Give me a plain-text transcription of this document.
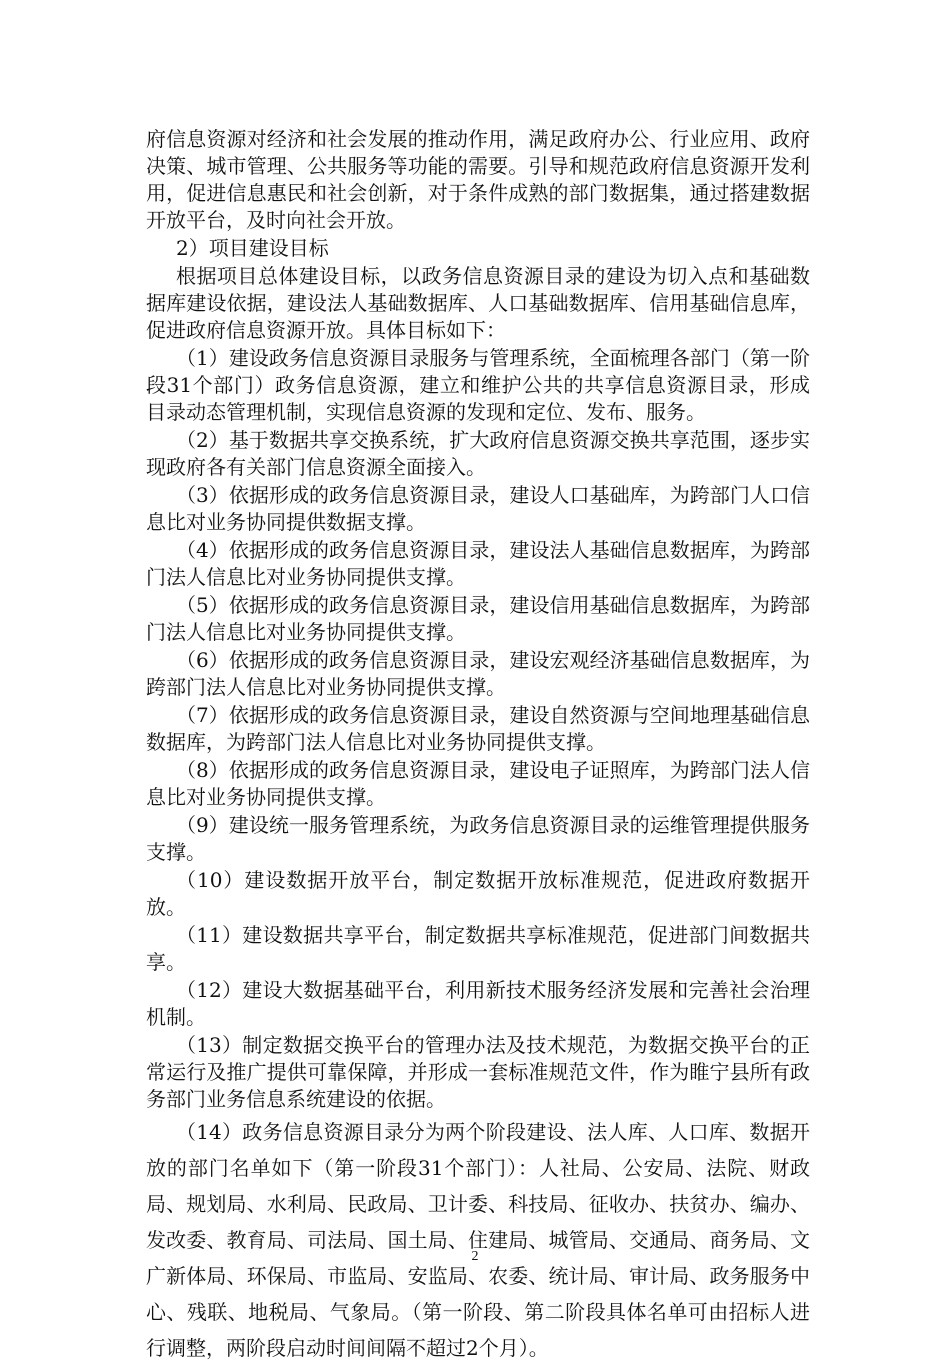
府信息资源对经济和社会发展的推动作用，满足政府办公、行业应用、政府决策、城市管理、公共服务等功能的需要。引导和规范政府信息资源开发利用，促进信息惠民和社会创新，对于条件成熟的部门数据集，通过搭建数据开放平台，及时向社会开放。

2）项目建设目标

根据项目总体建设目标，以政务信息资源目录的建设为切入点和基础数据库建设依据，建设法人基础数据库、人口基础数据库、信用基础信息库，促进政府信息资源开放。具体目标如下：

（1）建设政务信息资源目录服务与管理系统，全面梳理各部门（第一阶段31个部门）政务信息资源，建立和维护公共的共享信息资源目录，形成目录动态管理机制，实现信息资源的发现和定位、发布、服务。

（2）基于数据共享交换系统，扩大政府信息资源交换共享范围，逐步实现政府各有关部门信息资源全面接入。

（3）依据形成的政务信息资源目录，建设人口基础库，为跨部门人口信息比对业务协同提供数据支撑。

（4）依据形成的政务信息资源目录，建设法人基础信息数据库，为跨部门法人信息比对业务协同提供支撑。

（5）依据形成的政务信息资源目录，建设信用基础信息数据库，为跨部门法人信息比对业务协同提供支撑。

（6）依据形成的政务信息资源目录，建设宏观经济基础信息数据库，为跨部门法人信息比对业务协同提供支撑。

（7）依据形成的政务信息资源目录，建设自然资源与空间地理基础信息数据库，为跨部门法人信息比对业务协同提供支撑。

（8）依据形成的政务信息资源目录，建设电子证照库，为跨部门法人信息比对业务协同提供支撑。

（9）建设统一服务管理系统，为政务信息资源目录的运维管理提供服务支撑。

（10）建设数据开放平台，制定数据开放标准规范，促进政府数据开放。

（11）建设数据共享平台，制定数据共享标准规范，促进部门间数据共享。

（12）建设大数据基础平台，利用新技术服务经济发展和完善社会治理机制。

（13）制定数据交换平台的管理办法及技术规范，为数据交换平台的正常运行及推广提供可靠保障，并形成一套标准规范文件，作为睢宁县所有政务部门业务信息系统建设的依据。

（14）政务信息资源目录分为两个阶段建设、法人库、人口库、数据开放的部门名单如下（第一阶段31个部门）：人社局、公安局、法院、财政局、规划局、水利局、民政局、卫计委、科技局、征收办、扶贫办、编办、发改委、教育局、司法局、国土局、住建局、城管局、交通局、商务局、文广新体局、环保局、市监局、安监局、农委、统计局、审计局、政务服务中心、残联、地税局、气象局。（第一阶段、第二阶段具体名单可由招标人进行调整，两阶段启动时间间隔不超过2个月）。

2
